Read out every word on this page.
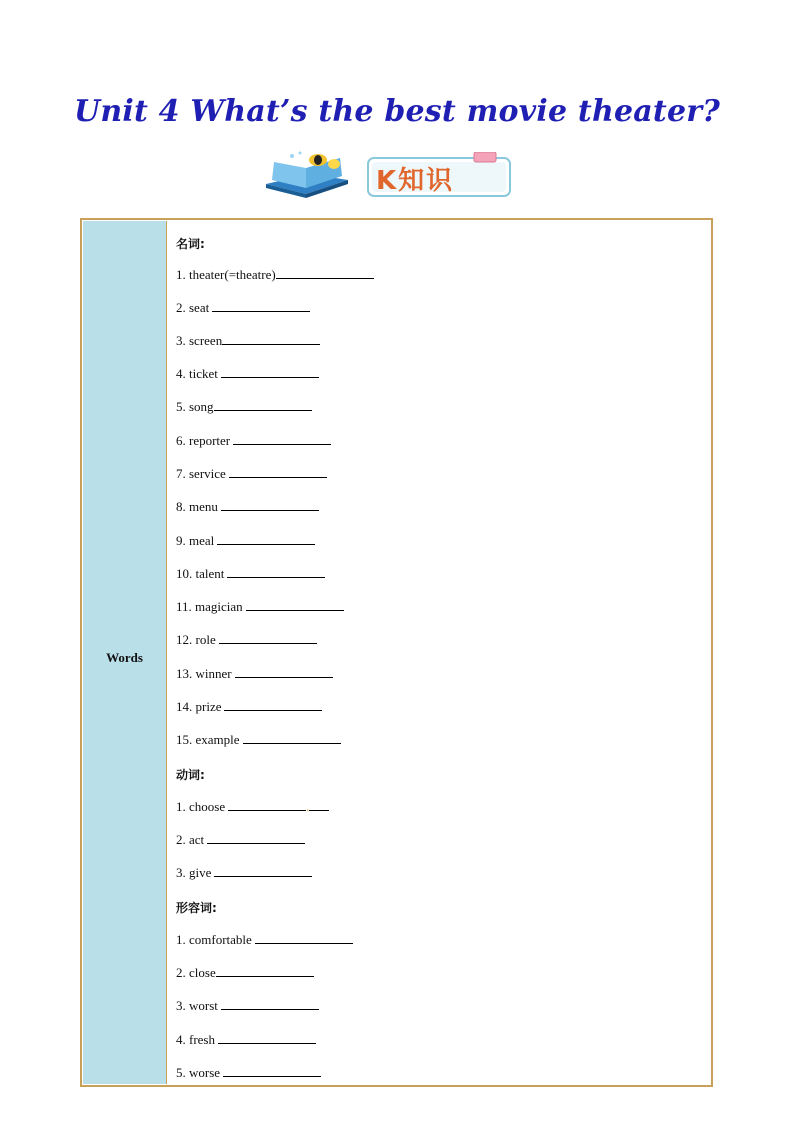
Unit 4 What’s the best movie theater?
K知识
Words
名词:
1. theater(=theatre)
2. seat
3. screen
4. ticket
5. song
6. reporter
7. service
8. menu
9. meal
10. talent
11. magician
12. role
13. winner
14. prize
15. example
动词:
1. choose	.
2. act
3. give
形容词:
1. comfortable
2. close
3. worst
4. fresh
5. worse
